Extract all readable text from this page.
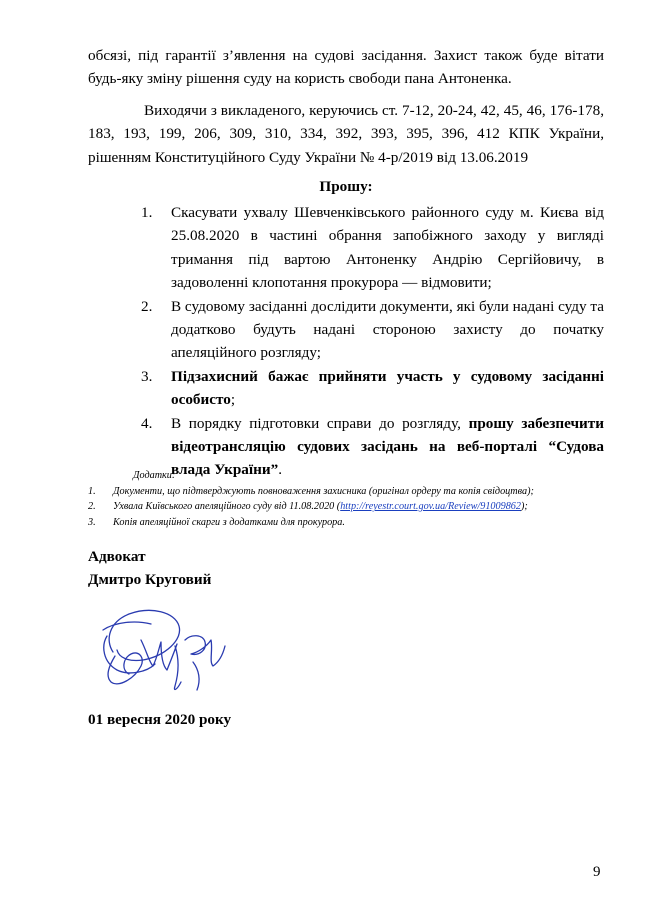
обсязі, під гарантії з’явлення на судові засідання. Захист також буде вітати будь-яку зміну рішення суду на користь свободи пана Антоненка.

Виходячи з викладеного, керуючись ст. 7-12, 20-24, 42, 45, 46, 176-178, 183, 193, 199, 206, 309, 310, 334, 392, 393, 395, 396, 412 КПК України, рішенням Конституційного Суду України № 4-р/2019 від 13.06.2019

Прошу:

1. Скасувати ухвалу Шевченківського районного суду м. Києва від 25.08.2020 в частині обрання запобіжного заходу у вигляді тримання під вартою Антоненку Андрію Сергійовичу, в задоволенні клопотання прокурора — відмовити;
2. В судовому засіданні дослідити документи, які були надані суду та додатково будуть надані стороною захисту до початку апеляційного розгляду;
3. Підзахисний бажає прийняти участь у судовому засіданні особисто;
4. В порядку підготовки справи до розгляду, прошу забезпечити відеотрансляцію судових засідань на веб-порталі “Судова влада України”.
Додатки:
1. Документи, що підтверджують повноваження захисника (оригінал ордеру та копія свідоцтва);
2. Ухвала Київського апеляційного суду від 11.08.2020 (http://reyestr.court.gov.ua/Review/91009862);
3. Копія апеляційної скарги з додатками для прокурора.
Адвокат
Дмитро Круговий
01 вересня 2020 року
9
